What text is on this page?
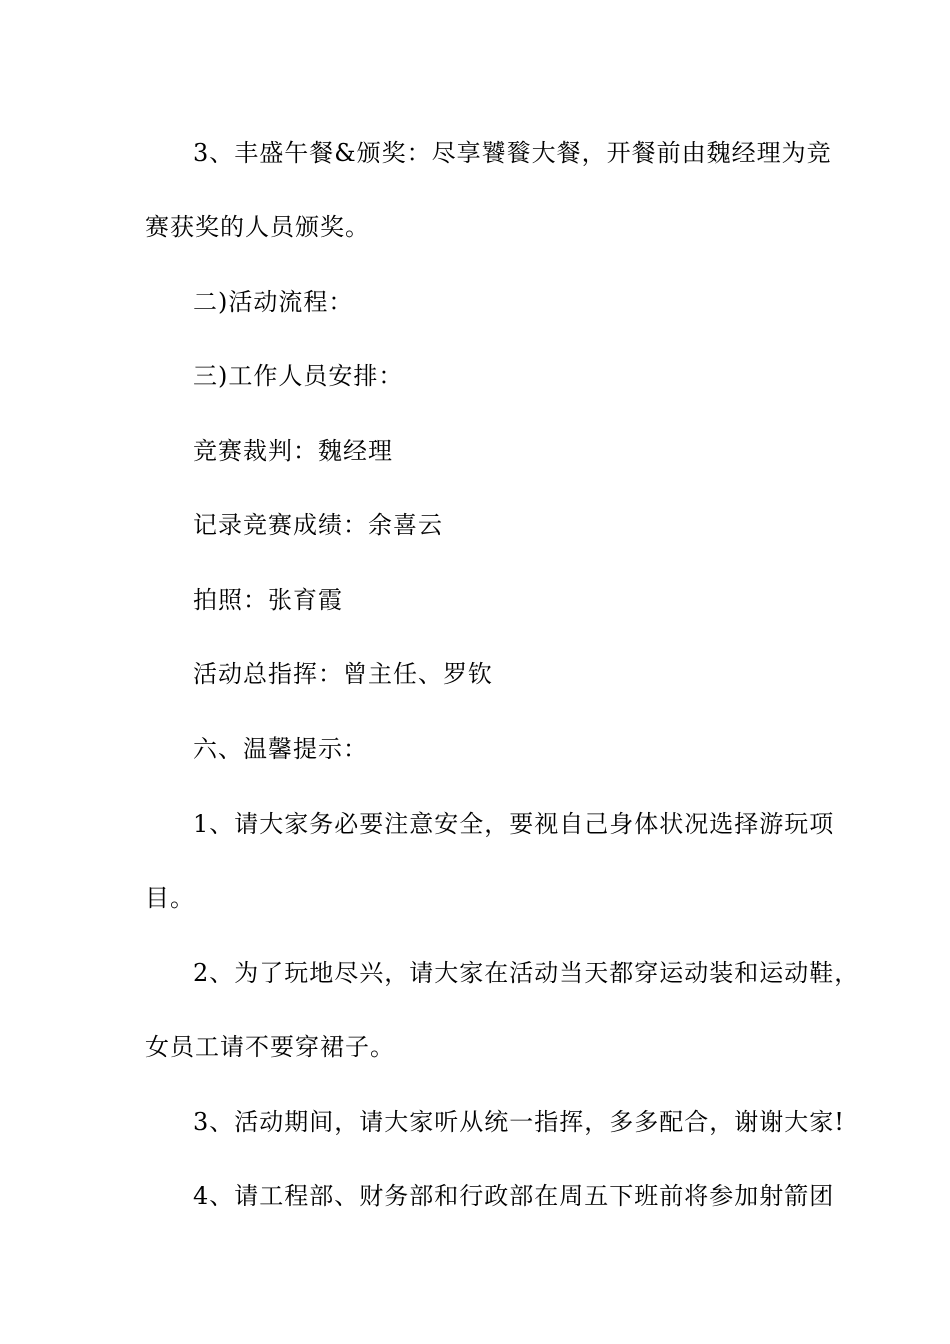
3、丰盛午餐&颁奖：尽享饕餮大餐，开餐前由魏经理为竞
赛获奖的人员颁奖。
二)活动流程：
三)工作人员安排：
竞赛裁判：魏经理
记录竞赛成绩：余喜云
拍照：张育霞
活动总指挥：曾主任、罗钦
六、温馨提示：
1、请大家务必要注意安全，要视自己身体状况选择游玩项
目。
2、为了玩地尽兴，请大家在活动当天都穿运动装和运动鞋，
女员工请不要穿裙子。
3、活动期间，请大家听从统一指挥，多多配合，谢谢大家!
4、请工程部、财务部和行政部在周五下班前将参加射箭团
